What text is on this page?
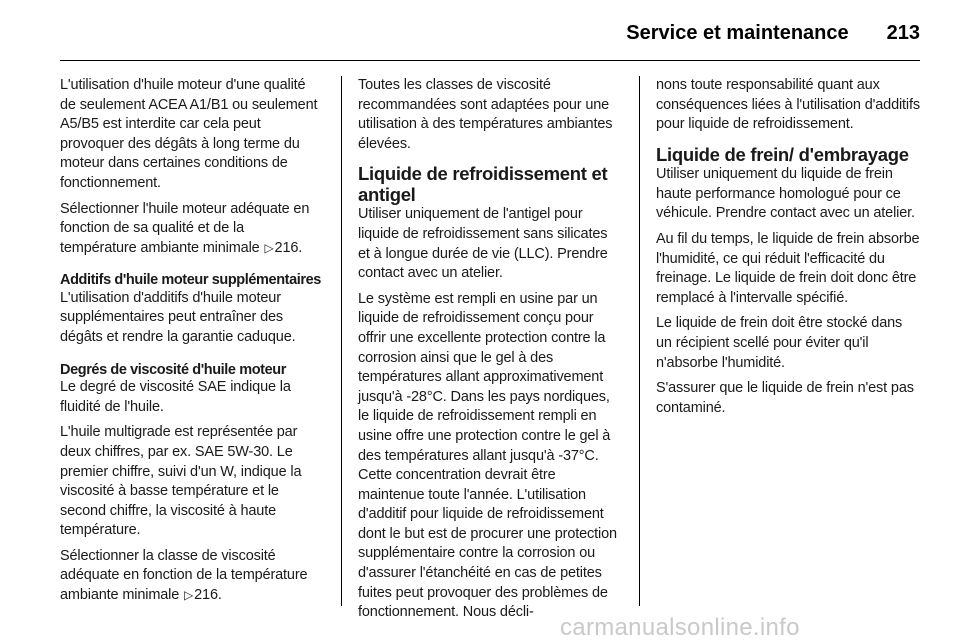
Service et maintenance 213

L'utilisation d'huile moteur d'une qualité de seulement ACEA A1/B1 ou seulement A5/B5 est interdite car cela peut provoquer des dégâts à long terme du moteur dans certaines conditions de fonctionnement.

Sélectionner l'huile moteur adéquate en fonction de sa qualité et de la température ambiante minimale ▷216.

Additifs d'huile moteur supplémentaires

L'utilisation d'additifs d'huile moteur supplémentaires peut entraîner des dégâts et rendre la garantie caduque.

Degrés de viscosité d'huile moteur

Le degré de viscosité SAE indique la fluidité de l'huile.

L'huile multigrade est représentée par deux chiffres, par ex. SAE 5W-30. Le premier chiffre, suivi d'un W, indique la viscosité à basse température et le second chiffre, la viscosité à haute température.

Sélectionner la classe de viscosité adéquate en fonction de la température ambiante minimale ▷216.

Toutes les classes de viscosité recommandées sont adaptées pour une utilisation à des températures ambiantes élevées.

Liquide de refroidissement et antigel

Utiliser uniquement de l'antigel pour liquide de refroidissement sans silicates et à longue durée de vie (LLC). Prendre contact avec un atelier.

Le système est rempli en usine par un liquide de refroidissement conçu pour offrir une excellente protection contre la corrosion ainsi que le gel à des températures allant approximativement jusqu'à -28°C. Dans les pays nordiques, le liquide de refroidissement rempli en usine offre une protection contre le gel à des températures allant jusqu'à -37°C. Cette concentration devrait être maintenue toute l'année. L'utilisation d'additif pour liquide de refroidissement dont le but est de procurer une protection supplémentaire contre la corrosion ou d'assurer l'étanchéité en cas de petites fuites peut provoquer des problèmes de fonctionnement. Nous décli-

nons toute responsabilité quant aux conséquences liées à l'utilisation d'additifs pour liquide de refroidissement.

Liquide de frein/ d'embrayage

Utiliser uniquement du liquide de frein haute performance homologué pour ce véhicule. Prendre contact avec un atelier.

Au fil du temps, le liquide de frein absorbe l'humidité, ce qui réduit l'efficacité du freinage. Le liquide de frein doit donc être remplacé à l'intervalle spécifié.

Le liquide de frein doit être stocké dans un récipient scellé pour éviter qu'il n'absorbe l'humidité.

S'assurer que le liquide de frein n'est pas contaminé.

carmanualsonline.info
